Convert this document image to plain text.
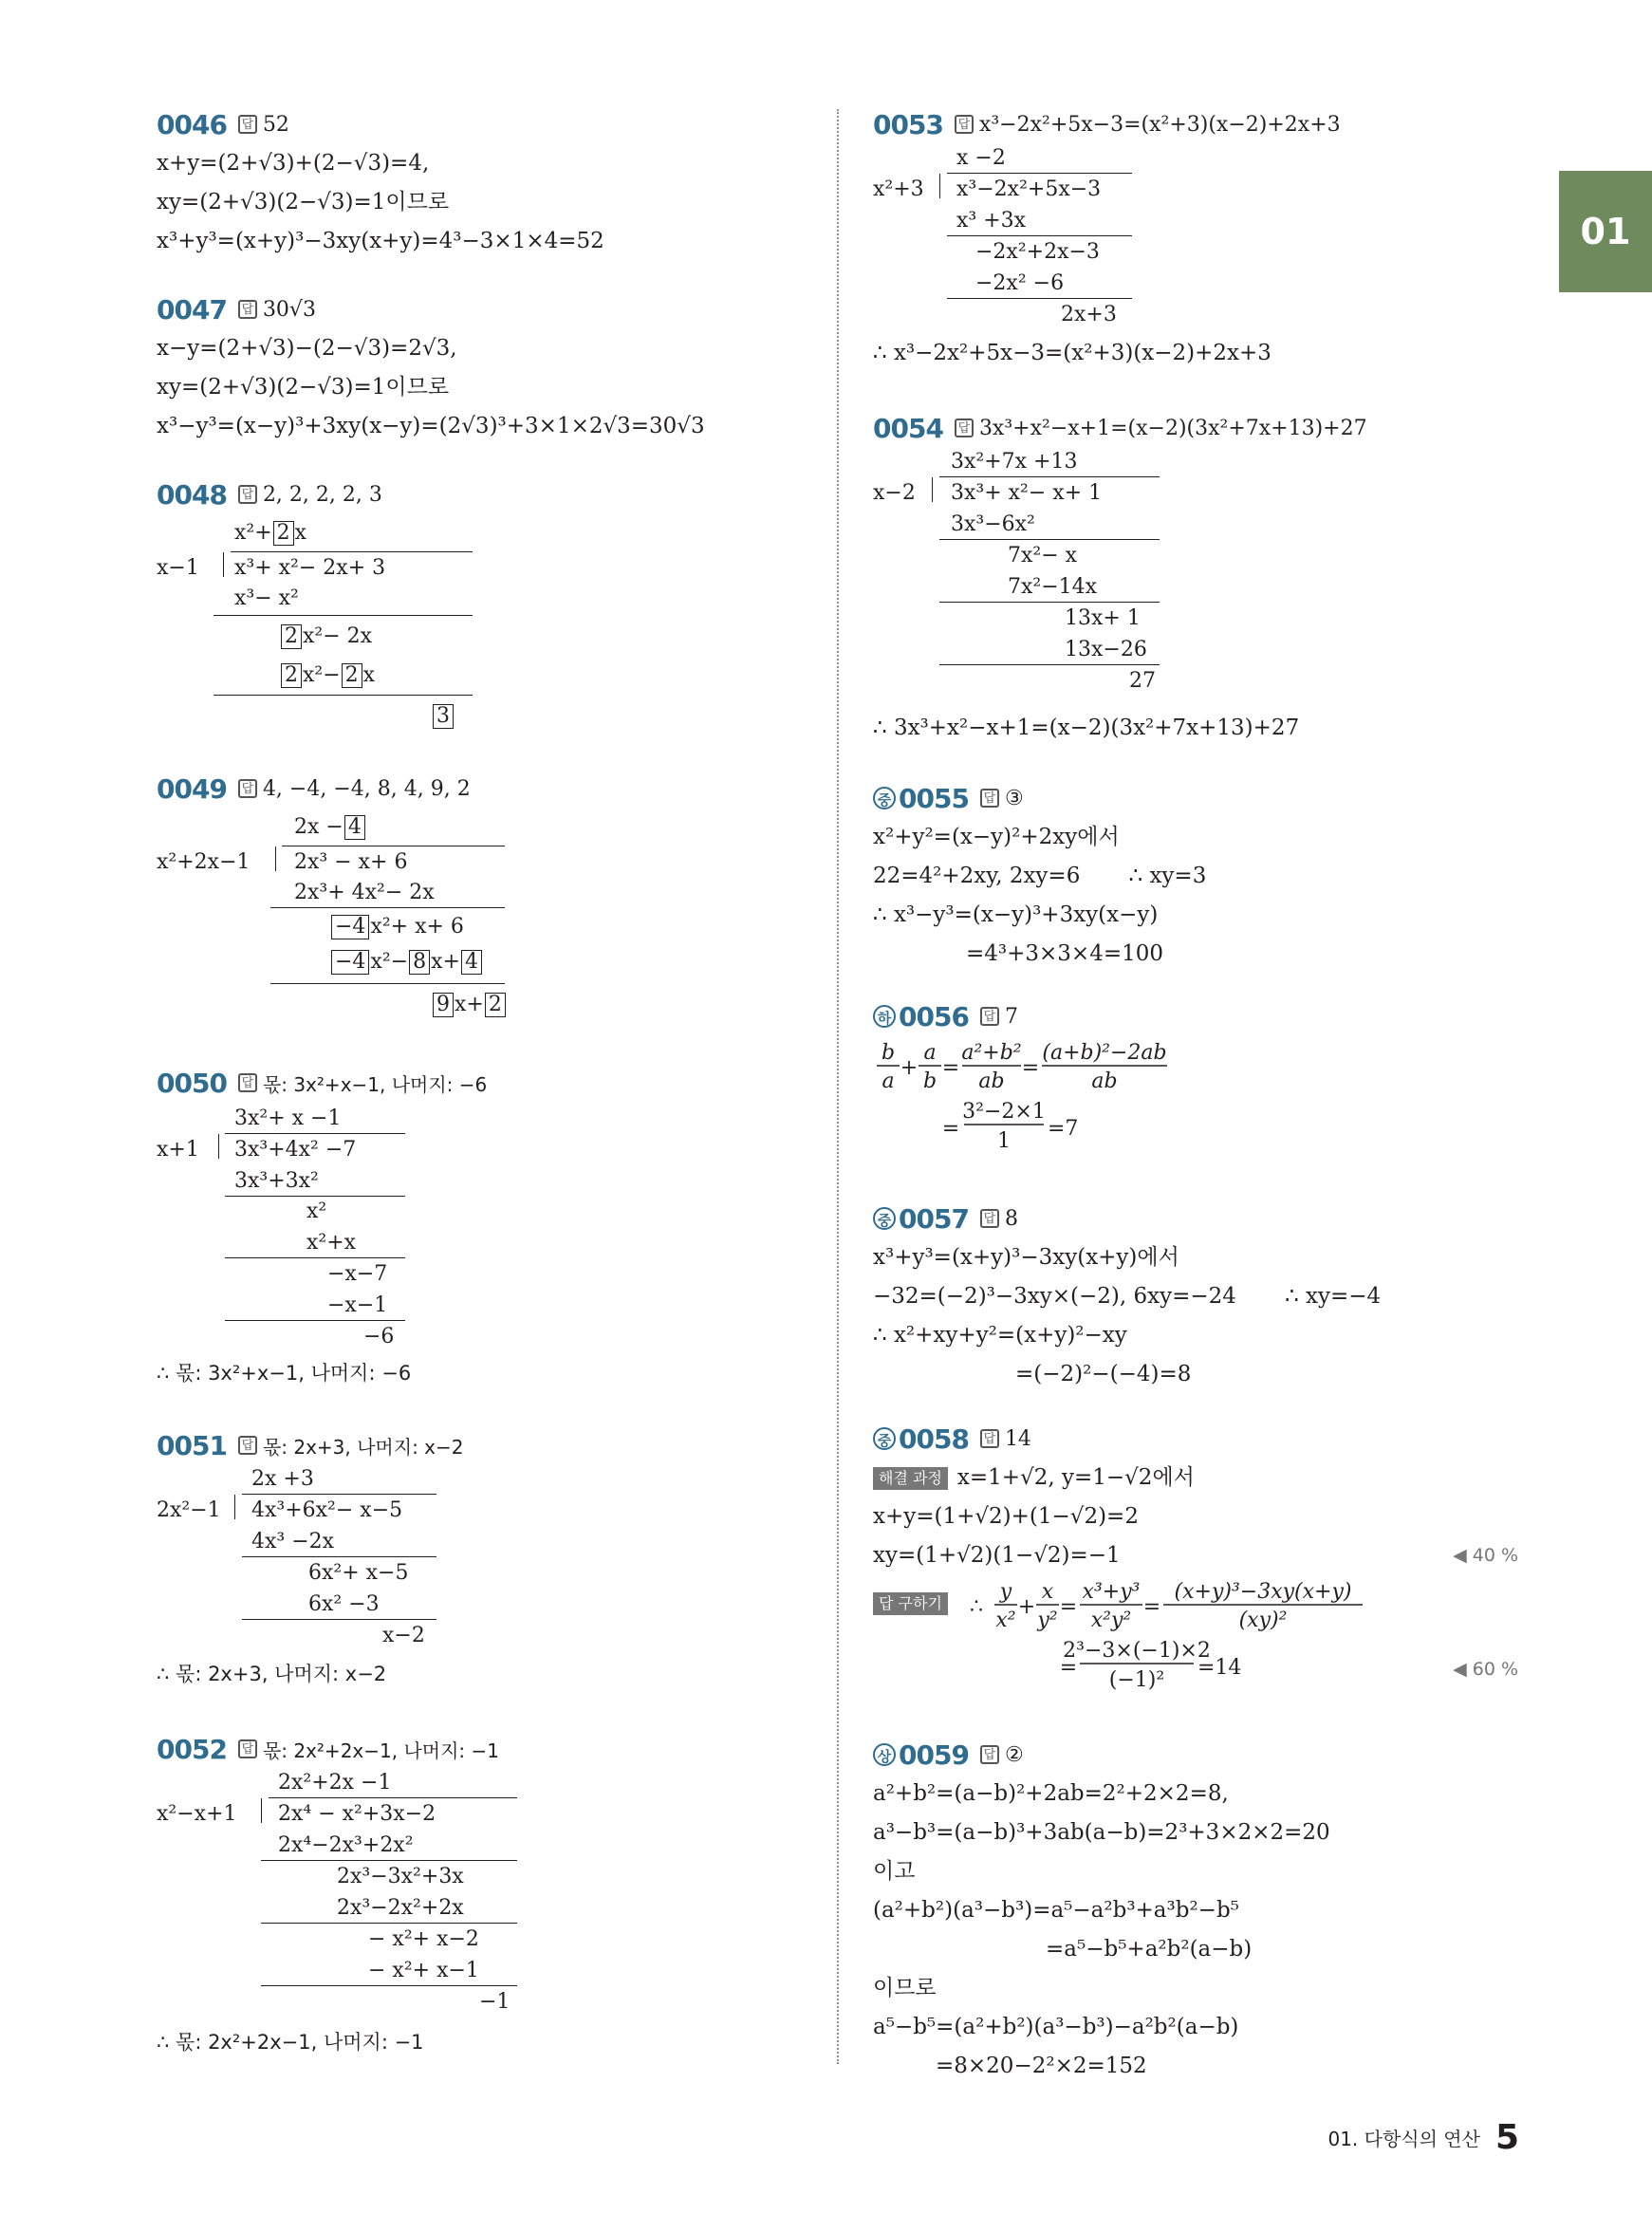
01
0046 답 52
x+y=(2+√3)+(2−√3)=4,
xy=(2+√3)(2−√3)=1이므로
x³+y³=(x+y)³−3xy(x+y)=4³−3×1×4=52
0047 답 30√3
x−y=(2+√3)−(2−√3)=2√3,
xy=(2+√3)(2−√3)=1이므로
x³−y³=(x−y)³+3xy(x−y)=(2√3)³+3×1×2√3=30√3
0048 답 2, 2, 2, 2, 3
x²+ 2 x
x−1 x³+ x²− 2x+ 3
x³− x²
2 x²− 2x
2 x²− 2 x
3
0049 답 4, −4, −4, 8, 4, 9, 2
2x − 4
x²+2x−1 2x³ − x+ 6
2x³+ 4x²− 2x
−4 x²+ x+ 6
−4 x²− 8 x+ 4
9 x+ 2
0050 답 몫: 3x²+x−1, 나머지: −6
3x²+ x −1
x+1 3x³+4x² −7
3x³+3x²
x²
x²+x
−x−7
−x−1
−6
∴ 몫: 3x²+x−1, 나머지: −6
0051 답 몫: 2x+3, 나머지: x−2
2x +3
2x²−1 4x³+6x²− x−5
4x³ −2x
6x²+ x−5
6x² −3
x−2
∴ 몫: 2x+3, 나머지: x−2
0052 답 몫: 2x²+2x−1, 나머지: −1
2x²+2x −1
x²−x+1 2x⁴ − x²+3x−2
2x⁴−2x³+2x²
2x³−3x²+3x
2x³−2x²+2x
− x²+ x−2
− x²+ x−1
−1
∴ 몫: 2x²+2x−1, 나머지: −1
0053 답 x³−2x²+5x−3=(x²+3)(x−2)+2x+3
x −2
x²+3 x³−2x²+5x−3
x³ +3x
−2x²+2x−3
−2x² −6
2x+3
∴ x³−2x²+5x−3=(x²+3)(x−2)+2x+3
0054 답 3x³+x²−x+1=(x−2)(3x²+7x+13)+27
3x²+7x +13
x−2 3x³+ x²− x+ 1
3x³−6x²
7x²− x
7x²−14x
13x+ 1
13x−26
27
∴ 3x³+x²−x+1=(x−2)(3x²+7x+13)+27
중 0055 답 ③
x²+y²=(x−y)²+2xy에서
22=4²+2xy, 2xy=6       ∴ xy=3
∴ x³−y³=(x−y)³+3xy(x−y)
=4³+3×3×4=100
하 0056 답 7
b
a
+
a
b
=
a²+b²
ab
=
(a+b)²−2ab
ab
=
3²−2×1
1
=7
중 0057 답 8
x³+y³=(x+y)³−3xy(x+y)에서
−32=(−2)³−3xy×(−2), 6xy=−24       ∴ xy=−4
∴ x²+xy+y²=(x+y)²−xy
=(−2)²−(−4)=8
중 0058 답 14
해결 과정 x=1+√2, y=1−√2에서
x+y=(1+√2)+(1−√2)=2
xy=(1+√2)(1−√2)=−1	◀ 40 %
답 구하기 ∴
y
x²
+
x
y²
=
x³+y³
x²y²
=
(x+y)³−3xy(x+y)
(xy)²
=
2³−3×(−1)×2
(−1)²
=14	◀ 60 %
상 0059 답 ②
a²+b²=(a−b)²+2ab=2²+2×2=8,
a³−b³=(a−b)³+3ab(a−b)=2³+3×2×2=20
이고
(a²+b²)(a³−b³)=a⁵−a²b³+a³b²−b⁵
=a⁵−b⁵+a²b²(a−b)
이므로
a⁵−b⁵=(a²+b²)(a³−b³)−a²b²(a−b)
=8×20−2²×2=152
01. 다항식의 연산 5
